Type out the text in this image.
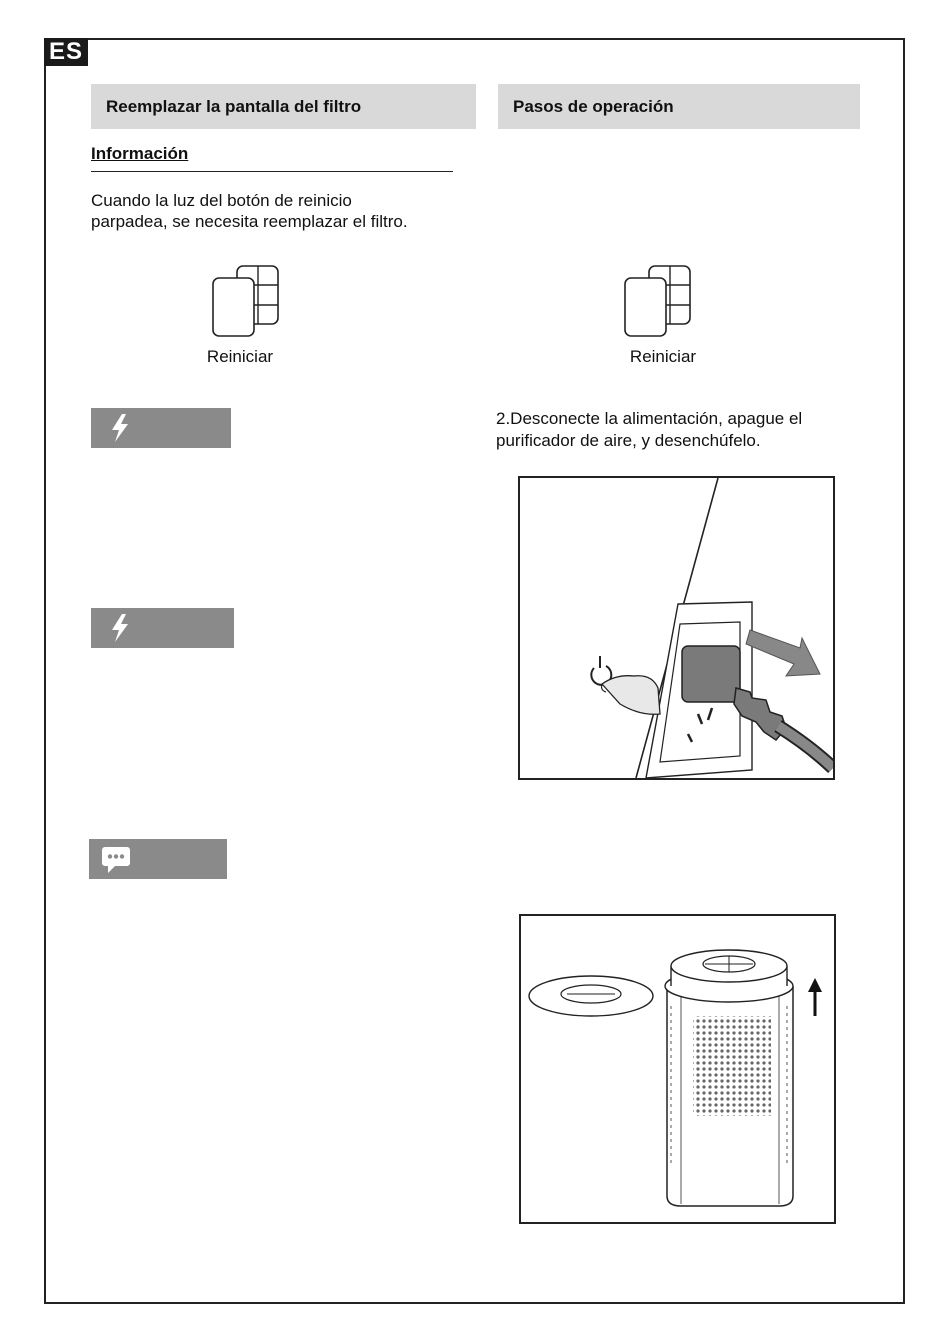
ES
Reemplazar la pantalla del filtro
Información
Cuando la luz del botón de reinicio parpadea, se necesita reemplazar el filtro.
Reiniciar
Pasos de operación
Reiniciar
2.Desconecte la alimentación, apague el purificador de aire, y desenchúfelo.
